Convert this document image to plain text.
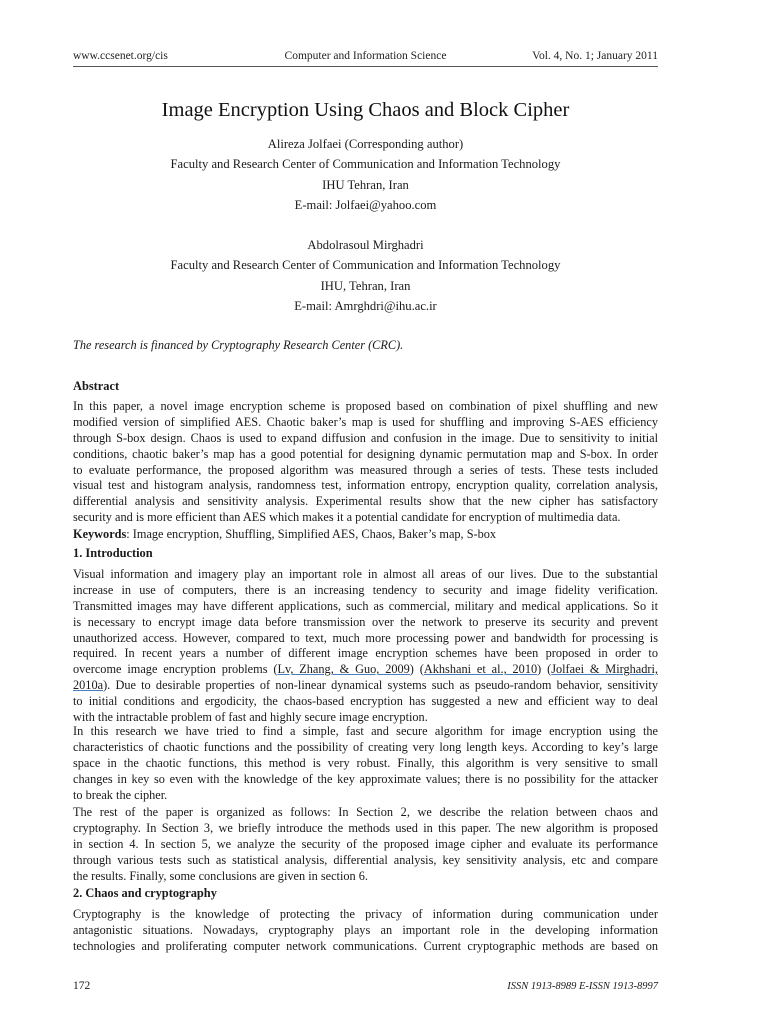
www.ccsenet.org/cis	Computer and Information Science	Vol. 4, No. 1; January 2011
Image Encryption Using Chaos and Block Cipher
Alireza Jolfaei (Corresponding author)
Faculty and Research Center of Communication and Information Technology
IHU Tehran, Iran
E-mail: Jolfaei@yahoo.com
Abdolrasoul Mirghadri
Faculty and Research Center of Communication and Information Technology
IHU, Tehran, Iran
E-mail: Amrghdri@ihu.ac.ir
The research is financed by Cryptography Research Center (CRC).
Abstract
In this paper, a novel image encryption scheme is proposed based on combination of pixel shuffling and new
modified version of simplified AES. Chaotic baker’s map is used for shuffling and improving S-AES efficiency
through S-box design. Chaos is used to expand diffusion and confusion in the image. Due to sensitivity to initial
conditions, chaotic baker’s map has a good potential for designing dynamic permutation map and S-box. In order
to evaluate performance, the proposed algorithm was measured through a series of tests. These tests included
visual test and histogram analysis, randomness test, information entropy, encryption quality, correlation analysis,
differential analysis and sensitivity analysis. Experimental results show that the new cipher has satisfactory
security and is more efficient than AES which makes it a potential candidate for encryption of multimedia data.
Keywords: Image encryption, Shuffling, Simplified AES, Chaos, Baker’s map, S-box
1. Introduction
Visual information and imagery play an important role in almost all areas of our lives. Due to the substantial
increase in use of computers, there is an increasing tendency to security and image fidelity verification.
Transmitted images may have different applications, such as commercial, military and medical applications. So it
is necessary to encrypt image data before transmission over the network to preserve its security and prevent
unauthorized access. However, compared to text, much more processing power and bandwidth for processing is
required. In recent years a number of different image encryption schemes have been proposed in order to
overcome image encryption problems (Lv, Zhang, & Guo, 2009) (Akhshani et al., 2010) (Jolfaei & Mirghadri,
2010a). Due to desirable properties of non-linear dynamical systems such as pseudo-random behavior, sensitivity
to initial conditions and ergodicity, the chaos-based encryption has suggested a new and efficient way to deal
with the intractable problem of fast and highly secure image encryption.
In this research we have tried to find a simple, fast and secure algorithm for image encryption using the
characteristics of chaotic functions and the possibility of creating very long length keys. According to key’s large
space in the chaotic functions, this method is very robust. Finally, this algorithm is very sensitive to small
changes in key so even with the knowledge of the key approximate values; there is no possibility for the attacker
to break the cipher.
The rest of the paper is organized as follows: In Section 2, we describe the relation between chaos and
cryptography. In Section 3, we briefly introduce the methods used in this paper. The new algorithm is proposed
in section 4. In section 5, we analyze the security of the proposed image cipher and evaluate its performance
through various tests such as statistical analysis, differential analysis, key sensitivity analysis, etc and compare
the results. Finally, some conclusions are given in section 6.
2. Chaos and cryptography
Cryptography is the knowledge of protecting the privacy of information during communication under
antagonistic situations. Nowadays, cryptography plays an important role in the developing information
technologies and proliferating computer network communications. Current cryptographic methods are based on
172	ISSN 1913-8989 E-ISSN 1913-8997
